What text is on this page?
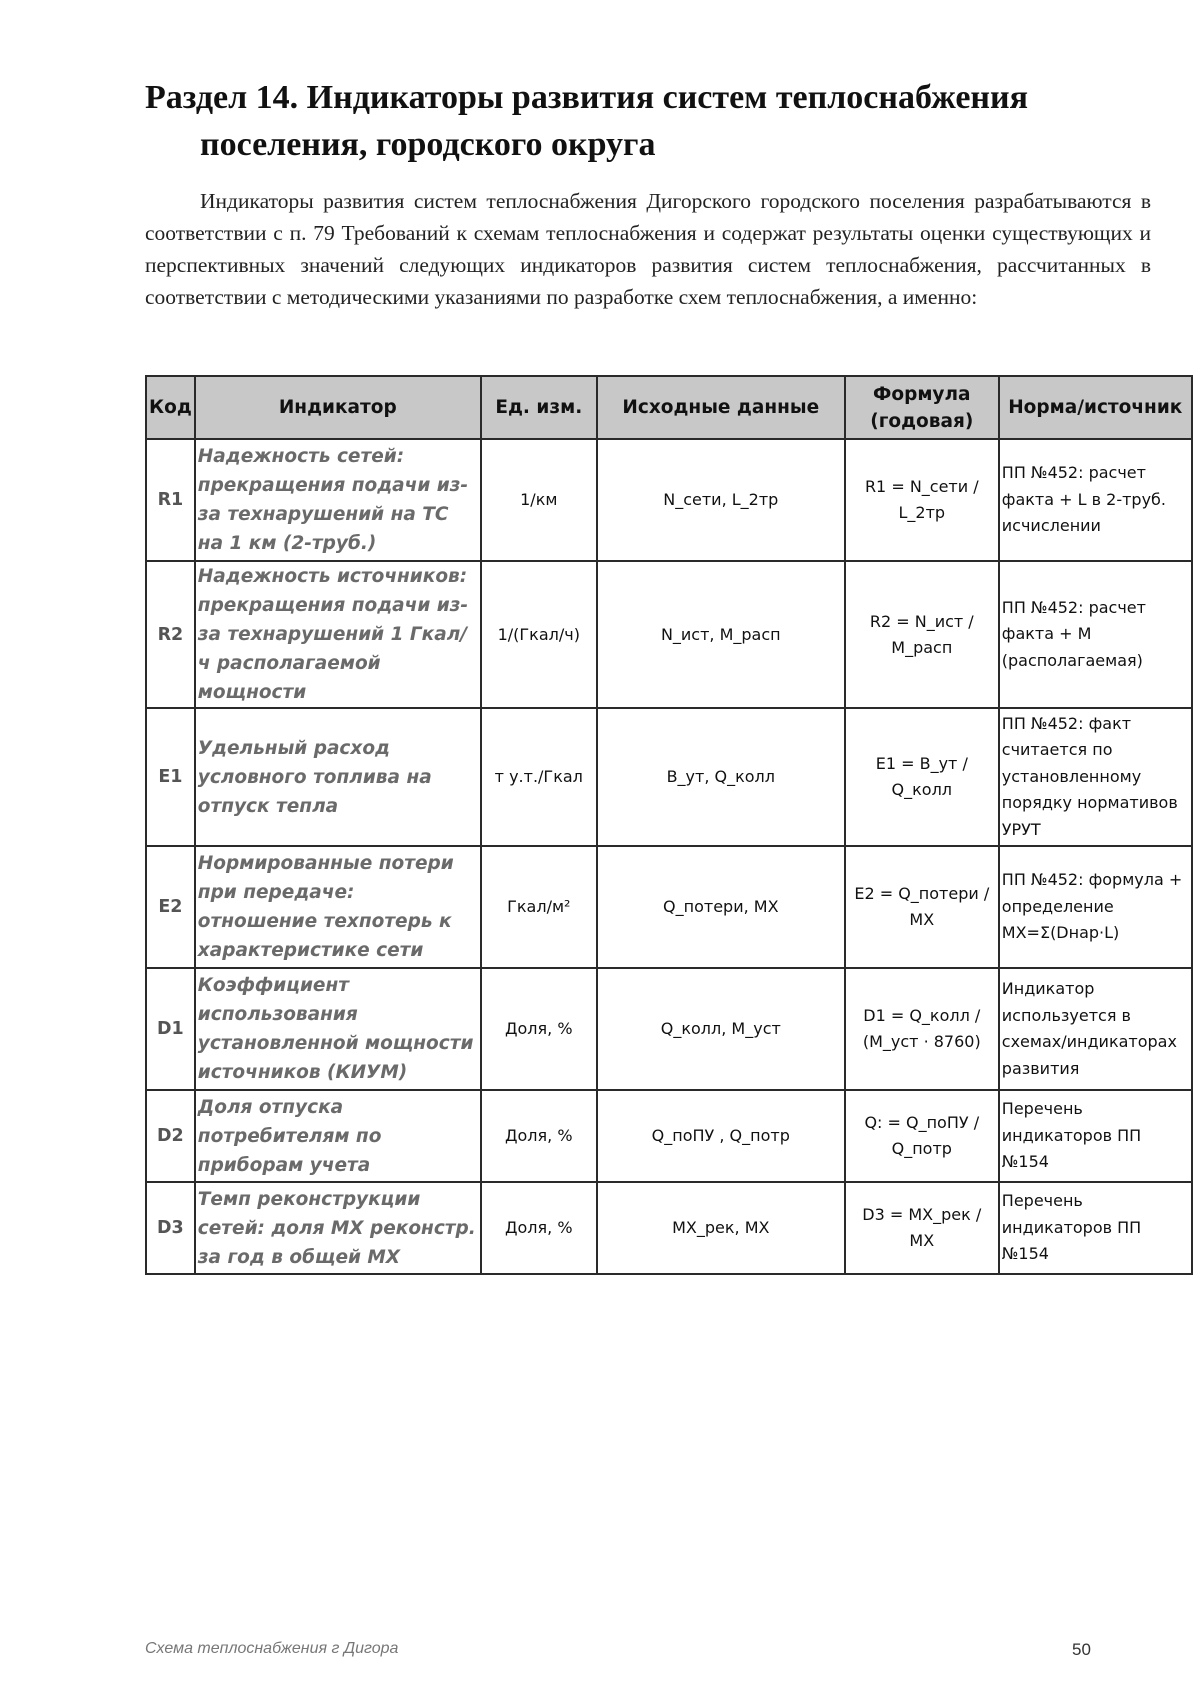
Раздел 14. Индикаторы развития систем теплоснабжения
поселения, городского округа
Индикаторы развития систем теплоснабжения Дигорского городского поселения разрабатываются в соответствии с п. 79 Требований к схемам теплоснабжения и содержат результаты оценки существующих и перспективных значений следующих индикаторов развития систем теплоснабжения, рассчитанных в соответствии с методическими указаниями по разработке схем теплоснабжения, а именно:
Код	Индикатор	Ед. изм.	Исходные данные	Формула (годовая)	Норма/источник
R1	Надежность сетей: прекращения подачи из-за технарушений на ТС на 1 км (2-труб.)	1/км	N_сети, L_2тр	R1 = N_сети / L_2тр	ПП №452: расчет факта + L в 2-труб. исчислении
R2	Надежность источников: прекращения подачи из-за технарушений 1 Гкал/ч располагаемой мощности	1/(Гкал/ч)	N_ист, M_расп	R2 = N_ист / M_расп	ПП №452: расчет факта + M (располагаемая)
E1	Удельный расход условного топлива на отпуск тепла	т у.т./Гкал	B_ут, Q_колл	E1 = B_ут / Q_колл	ПП №452: факт считается по установленному порядку нормативов УРУТ
E2	Нормированные потери при передаче: отношение техпотерь к характеристике сети	Гкал/м²	Q_потери, MX	E2 = Q_потери / MX	ПП №452: формула + определение MX=Σ(Dнар·L)
D1	Коэффициент использования установленной мощности источников (КИУМ)	Доля, %	Q_колл, M_уст	D1 = Q_колл / (M_уст · 8760)	Индикатор используется в схемах/индикаторах развития
D2	Доля отпуска потребителям по приборам учета	Доля, %	Q_поПУ , Q_потр	Q: = Q_поПУ / Q_потр	Перечень индикаторов ПП №154
D3	Темп реконструкции сетей: доля MX реконстр. за год в общей MX	Доля, %	MX_рек, MX	D3 = MX_рек / MX	Перечень индикаторов ПП №154
Схема теплоснабжения г Дигора	50
